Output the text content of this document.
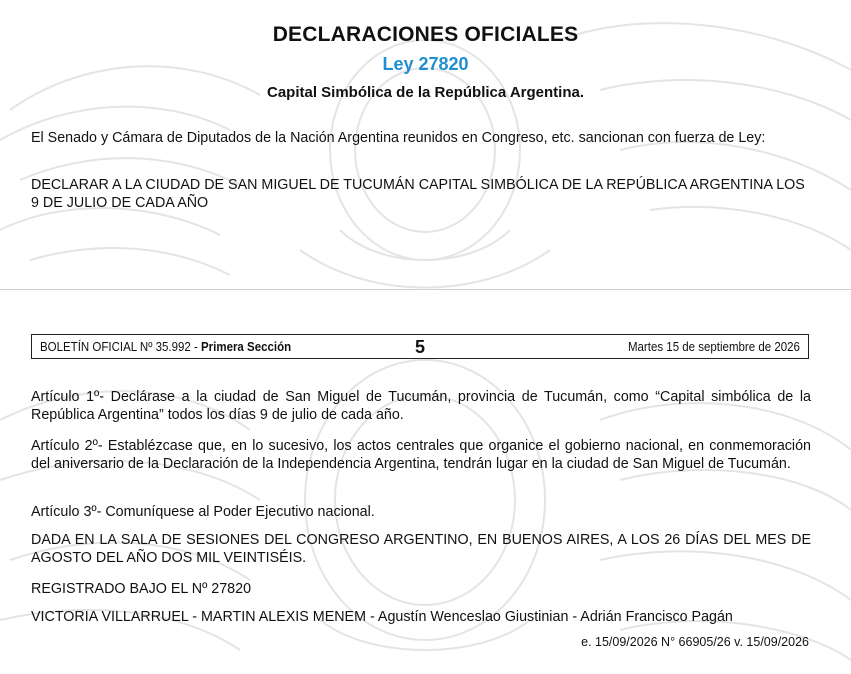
DECLARACIONES OFICIALES
Ley 27820
Capital Simbólica de la República Argentina.
El Senado y Cámara de Diputados de la Nación Argentina reunidos en Congreso, etc. sancionan con fuerza de Ley:
DECLARAR A LA CIUDAD DE SAN MIGUEL DE TUCUMÁN CAPITAL SIMBÓLICA DE LA REPÚBLICA ARGENTINA LOS 9 DE JULIO DE CADA AÑO
BOLETÍN OFICIAL Nº 35.992 - Primera Sección	5	Martes 15 de septiembre de 2026
Artículo 1º- Declárase a la ciudad de San Miguel de Tucumán, provincia de Tucumán, como “Capital simbólica de la República Argentina” todos los días 9 de julio de cada año.
Artículo 2º- Establézcase que, en lo sucesivo, los actos centrales que organice el gobierno nacional, en conmemoración del aniversario de la Declaración de la Independencia Argentina, tendrán lugar en la ciudad de San Miguel de Tucumán.
Artículo 3º- Comuníquese al Poder Ejecutivo nacional.
DADA EN LA SALA DE SESIONES DEL CONGRESO ARGENTINO, EN BUENOS AIRES, A LOS 26 DÍAS DEL MES DE AGOSTO DEL AÑO DOS MIL VEINTISÉIS.
REGISTRADO BAJO EL Nº 27820
VICTORIA VILLARRUEL - MARTIN ALEXIS MENEM - Agustín Wenceslao Giustinian - Adrián Francisco Pagán
e. 15/09/2026 N° 66905/26 v. 15/09/2026
